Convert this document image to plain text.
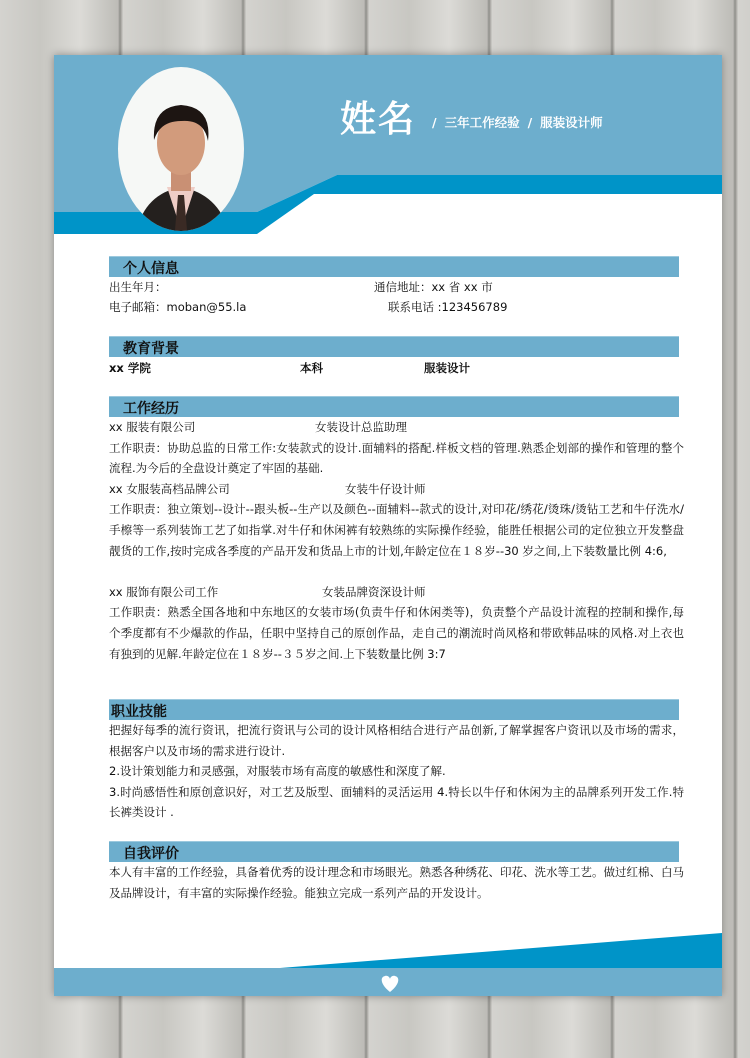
姓名	/ 三年工作经验 / 服装设计师
个人信息
出生年月：	通信地址：xx 省 xx 市
电子邮箱：moban@55.la	联系电话 :123456789
教育背景
xx 学院	本科	服装设计
工作经历
xx 服装有限公司	女装设计总监助理
工作职责：协助总监的日常工作:女装款式的设计.面辅料的搭配.样板文档的管理.熟悉企划部的操作和管理的整个流程.为今后的全盘设计奠定了牢固的基础.
xx 女服装高档品牌公司	女装牛仔设计师
工作职责：独立策划--设计--跟头板--生产以及颜色--面辅料--款式的设计,对印花/绣花/烫珠/烫钻工艺和牛仔洗水/手檫等一系列装饰工艺了如指掌.对牛仔和休闲裤有较熟练的实际操作经验，能胜任根据公司的定位独立开发整盘靓货的工作,按时完成各季度的产品开发和货品上市的计划,年龄定位在１８岁--30 岁之间,上下装数量比例 4:6,
xx 服饰有限公司工作	女装品牌资深设计师
工作职责：熟悉全国各地和中东地区的女装市场(负责牛仔和休闲类等)，负责整个产品设计流程的控制和操作,每个季度都有不少爆款的作品，任职中坚持自己的原创作品，走自己的潮流时尚风格和带欧韩品味的风格.对上衣也有独到的见解.年龄定位在１８岁--３５岁之间.上下装数量比例 3:7
职业技能
把握好每季的流行资讯，把流行资讯与公司的设计风格相结合进行产品创新,了解掌握客户资讯以及市场的需求，根据客户以及市场的需求进行设计.
2.设计策划能力和灵感强，对服装市场有高度的敏感性和深度了解.
3.时尚感悟性和原创意识好，对工艺及版型、面辅料的灵活运用 4.特长以牛仔和休闲为主的品牌系列开发工作.特长裤类设计 .
自我评价
本人有丰富的工作经验，具备着优秀的设计理念和市场眼光。熟悉各种绣花、印花、洗水等工艺。做过红棉、白马及品牌设计，有丰富的实际操作经验。能独立完成一系列产品的开发设计。
